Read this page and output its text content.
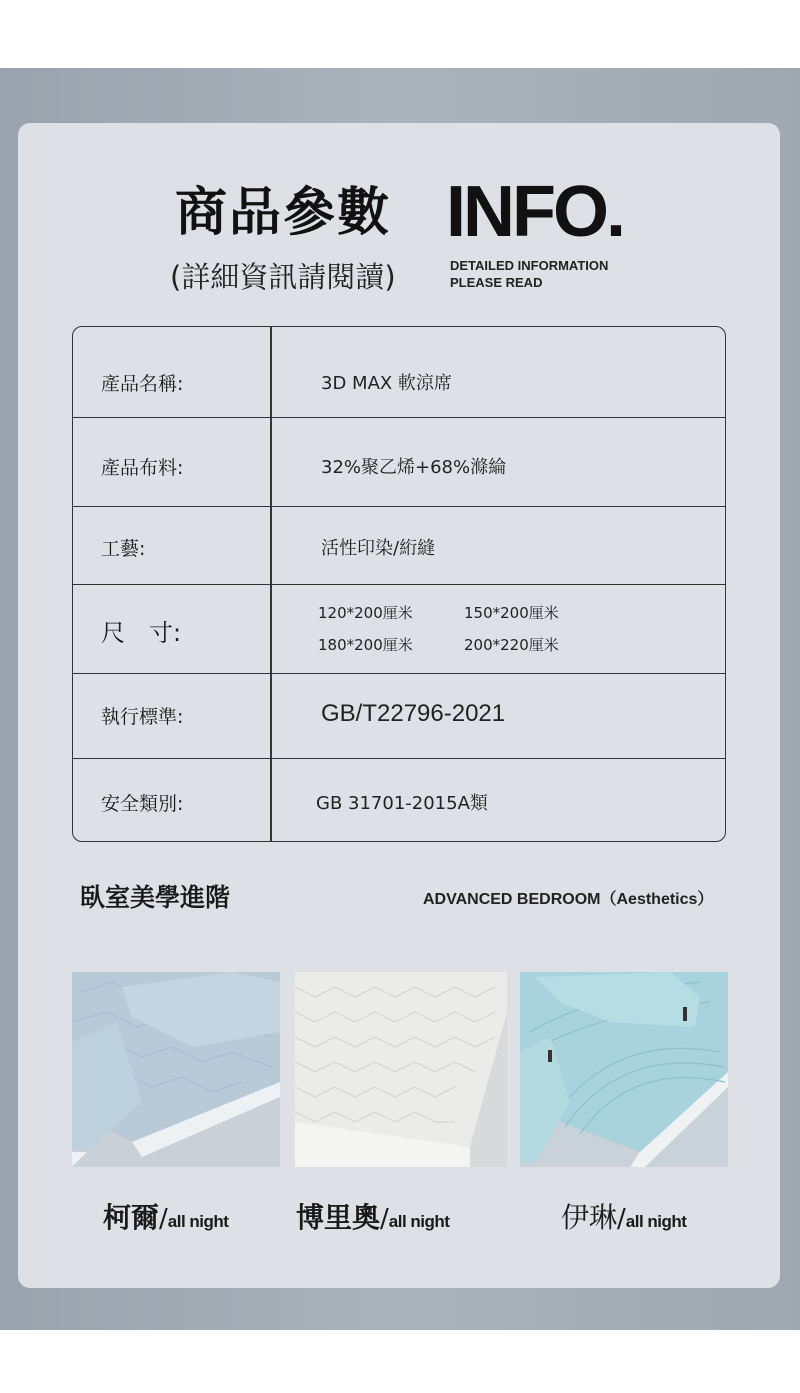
商品參數 INFO.
(詳細資訊請閱讀)	DETAILED INFORMATION
PLEASE READ
產品名稱:	3D MAX 軟涼席
產品布料:	32%聚乙烯+68%滌綸
工藝:	活性印染/絎縫
尺　寸:
120*200厘米	150*200厘米
180*200厘米	200*220厘米
執行標準:	GB/T22796-2021
安全類別:	GB 31701-2015A類
臥室美學進階	ADVANCED BEDROOM（Aesthetics）
柯爾/all night 博里奧/all night	伊琳/all night
